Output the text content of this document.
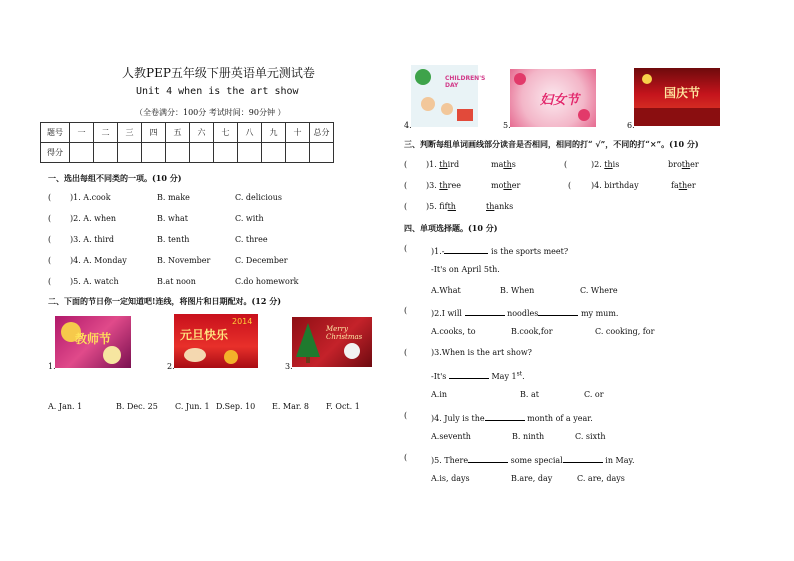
人教PEP五年级下册英语单元测试卷
Unit 4 when is the art show
（全卷满分：100分 考试时间：90分钟 ）
题号	一	二	三	四	五	六	七	八	九	十	总分
得分											
一、选出每组不同类的一项。(10 分)
( )1. A.cook	B. make	C. delicious
( )2. A. when	B. what	C. with
( )3. A. third	B. tenth	C. three
( )4. A. Monday	B. November	C. December
( )5. A. watch	B.at noon	C.do homework
二、下面的节日你一定知道吧!连线，将图片和日期配对。(12 分)
教师节
1.
2014
元旦快乐
2.
Merry Christmas
3.
A. Jan. 1	B. Dec. 25 C. Jun. 1 D.Sep. 10 E. Mar. 8 F. Oct. 1
CHILDREN'S DAY
4.
妇女节
5.
国庆节
6.
三、判断每组单词画线部分读音是否相同，相同的打“ √”，不同的打“×”。(10 分)
( )1. third	maths	(	)2. this	brother
( )3. three	mother	( )4. birthday	father
( )5. fifth	thanks
四、单项选择题。(10 分)
(	)1.-	is the sports meet?
-It's on April 5th.
A.What	B. When	C. Where
(	)2.I will	noodles	my mum.
A.cooks, to	B.cook,for	C. cooking, for
(	)3.When is the art show?
-It's	May 1st.
A.in	B. at	C. or
(	)4. July is the	month of a year.
A.seventh	B. ninth	C. sixth
(	)5. There	some special	in May.
A.is, days	B.are, day	C. are, days
